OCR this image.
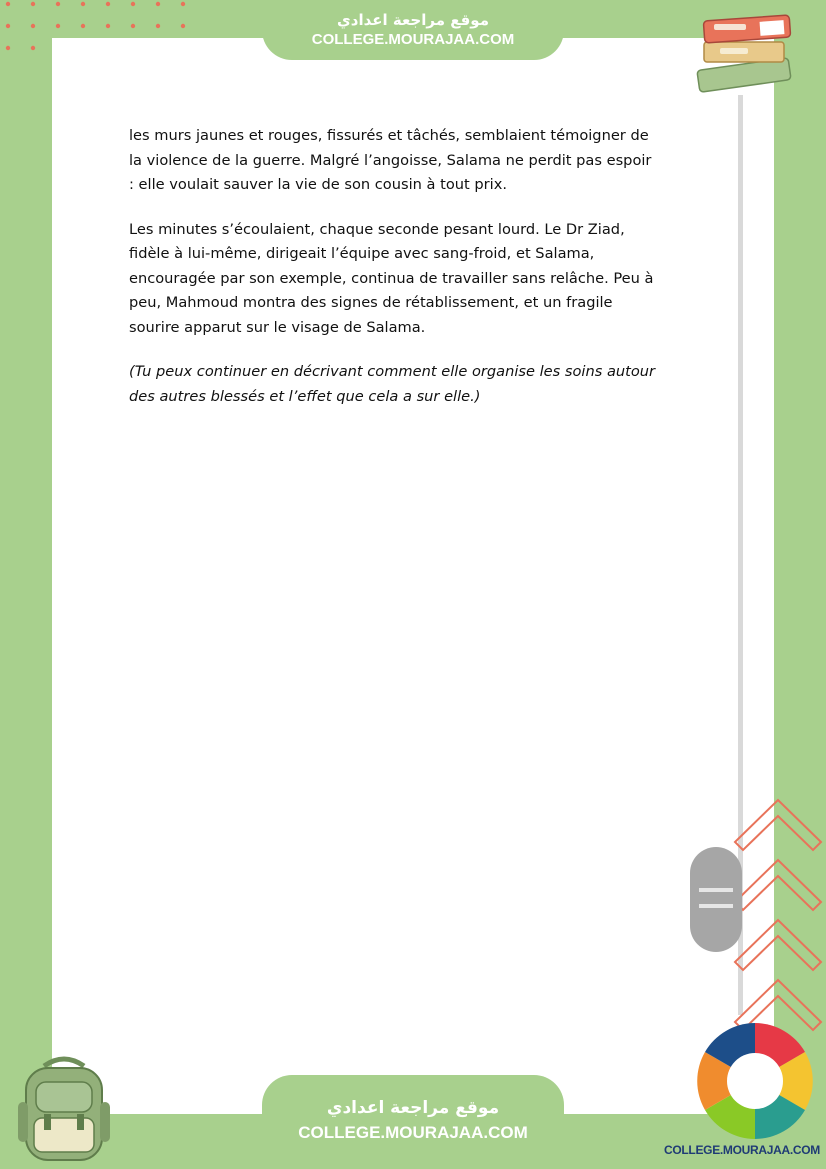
موقع مراجعة اعدادي
COLLEGE.MOURAJAA.COM

les murs jaunes et rouges, fissurés et tâchés, semblaient témoigner de la violence de la guerre. Malgré l’angoisse, Salama ne perdit pas espoir : elle voulait sauver la vie de son cousin à tout prix.

Les minutes s’écoulaient, chaque seconde pesant lourd. Le Dr Ziad, fidèle à lui-même, dirigeait l’équipe avec sang-froid, et Salama, encouragée par son exemple, continua de travailler sans relâche. Peu à peu, Mahmoud montra des signes de rétablissement, et un fragile sourire apparut sur le visage de Salama.

(Tu peux continuer en décrivant comment elle organise les soins autour des autres blessés et l’effet que cela a sur elle.)

موقع مراجعة اعدادي
COLLEGE.MOURAJAA.COM
COLLEGE.MOURAJAA.COM
